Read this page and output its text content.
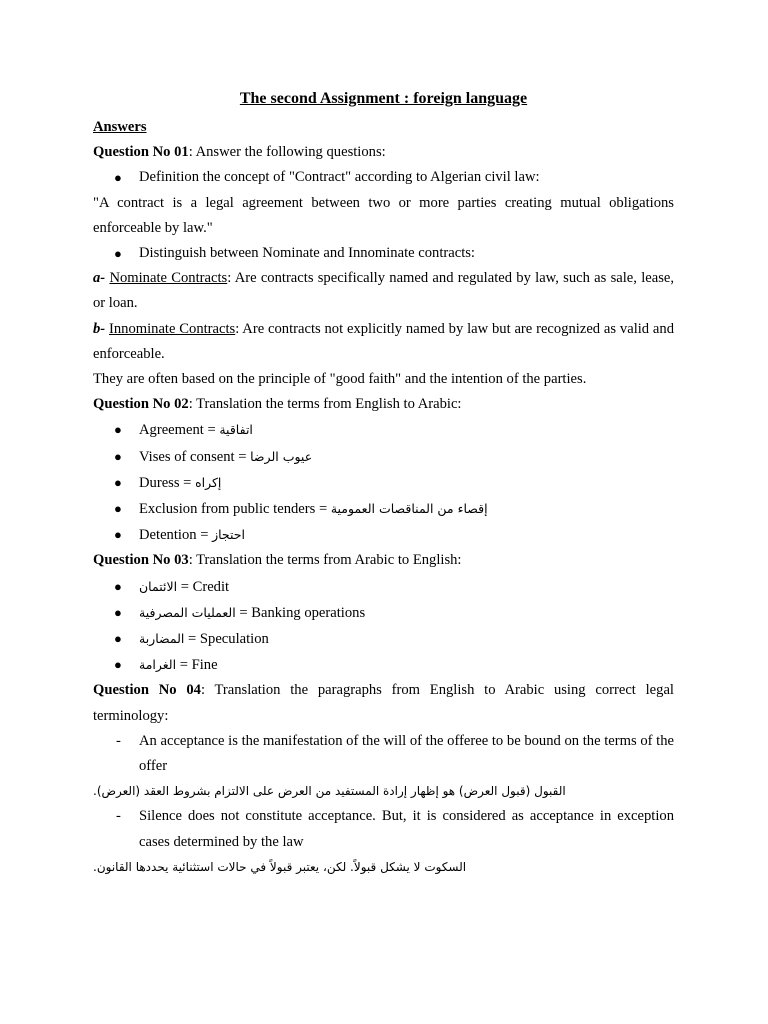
The second Assignment : foreign language

Answers

Question No 01: Answer the following questions:

● Definition the concept of "Contract" according to Algerian civil law:

"A contract is a legal agreement between two or more parties creating mutual obligations enforceable by law."

● Distinguish between Nominate and Innominate contracts:

a- Nominate Contracts: Are contracts specifically named and regulated by law, such as sale, lease, or loan.

b- Innominate Contracts: Are contracts not explicitly named by law but are recognized as valid and enforceable.

They are often based on the principle of "good faith" and the intention of the parties.

Question No 02: Translation the terms from English to Arabic:

● Agreement = اتفاقية
● Vises of consent = عيوب الرضا
● Duress = إكراه
● Exclusion from public tenders = إقصاء من المناقصات العمومية
● Detention = احتجاز

Question No 03: Translation the terms from Arabic to English:

● الائتمان = Credit
● العمليات المصرفية = Banking operations
● المضاربة = Speculation
● الغرامة = Fine

Question No 04: Translation the paragraphs from English to Arabic using correct legal terminology:

- An acceptance is the manifestation of the will of the offeree to be bound on the terms of the offer

القبول (قبول العرض) هو إظهار إرادة المستفيد من العرض على الالتزام بشروط العقد (العرض).

- Silence does not constitute acceptance. But, it is considered as acceptance in exception cases determined by the law

السكوت لا يشكل قبولاً. لكن، يعتبر قبولاً في حالات استثنائية يحددها القانون.
